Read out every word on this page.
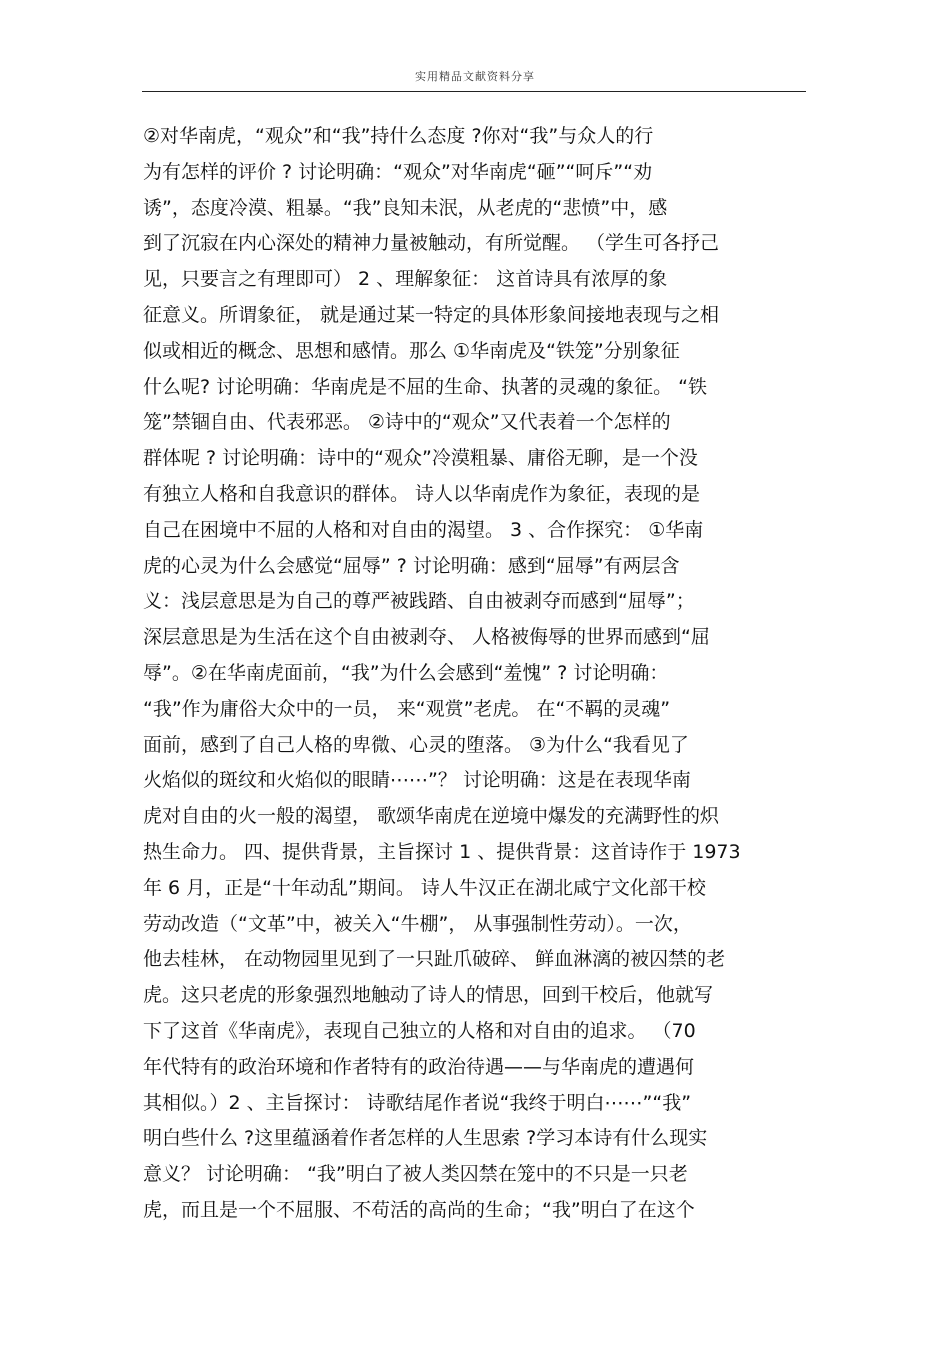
实用精品文献资料分享
②对华南虎，“观众”和“我”持什么态度 ?你对“我”与众人的行
为有怎样的评价 ? 讨论明确：“观众”对华南虎“砸”“呵斥”“劝
诱”，态度冷漠、粗暴。“我”良知未泯，从老虎的“悲愤”中，感
到了沉寂在内心深处的精神力量被触动，有所觉醒。 （学生可各抒己
见，只要言之有理即可） 2 、理解象征： 这首诗具有浓厚的象
征意义。所谓象征， 就是通过某一特定的具体形象间接地表现与之相
似或相近的概念、思想和感情。那么 ①华南虎及“铁笼”分别象征
什么呢? 讨论明确：华南虎是不屈的生命、执著的灵魂的象征。 “铁
笼”禁锢自由、代表邪恶。 ②诗中的“观众”又代表着一个怎样的
群体呢 ? 讨论明确：诗中的“观众”冷漠粗暴、庸俗无聊，是一个没
有独立人格和自我意识的群体。 诗人以华南虎作为象征，表现的是
自己在困境中不屈的人格和对自由的渴望。 3 、合作探究： ①华南
虎的心灵为什么会感觉“屈辱” ? 讨论明确：感到“屈辱”有两层含
义：浅层意思是为自己的尊严被践踏、自由被剥夺而感到“屈辱”；
深层意思是为生活在这个自由被剥夺、 人格被侮辱的世界而感到“屈
辱”。②在华南虎面前，“我”为什么会感到“羞愧” ? 讨论明确：
“我”作为庸俗大众中的一员， 来“观赏”老虎。 在“不羁的灵魂”
面前，感到了自己人格的卑微、心灵的堕落。 ③为什么“我看见了
火焰似的斑纹和火焰似的眼睛⋯⋯”？ 讨论明确：这是在表现华南
虎对自由的火一般的渴望， 歌颂华南虎在逆境中爆发的充满野性的炽
热生命力。 四、提供背景，主旨探讨 1 、提供背景：这首诗作于 1973
年 6 月，正是“十年动乱”期间。 诗人牛汉正在湖北咸宁文化部干校
劳动改造（“文革”中，被关入“牛棚”， 从事强制性劳动）。一次，
他去桂林， 在动物园里见到了一只趾爪破碎、 鲜血淋漓的被囚禁的老
虎。这只老虎的形象强烈地触动了诗人的情思，回到干校后，他就写
下了这首《华南虎》，表现自己独立的人格和对自由的追求。 （70
年代特有的政治环境和作者特有的政治待遇——与华南虎的遭遇何
其相似。）2 、主旨探讨： 诗歌结尾作者说“我终于明白⋯⋯”“我”
明白些什么 ?这里蕴涵着作者怎样的人生思索 ?学习本诗有什么现实
意义？ 讨论明确： “我”明白了被人类囚禁在笼中的不只是一只老
虎，而且是一个不屈服、不苟活的高尚的生命；“我”明白了在这个
